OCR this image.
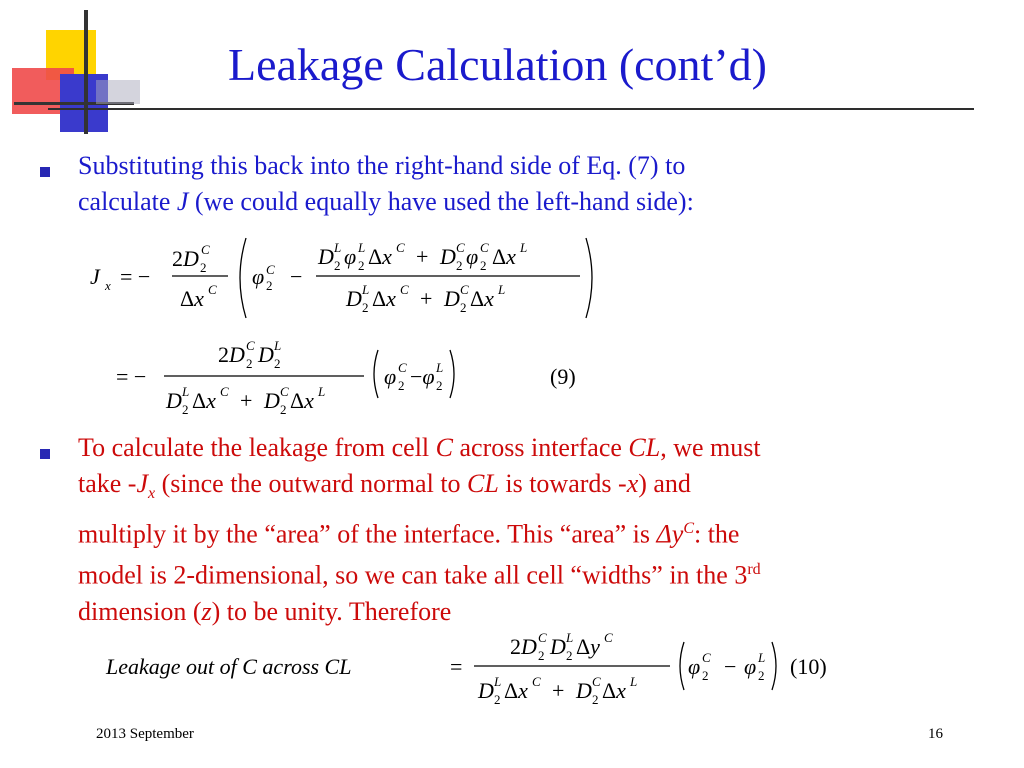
Leakage Calculation (cont’d)
Substituting this back into the right-hand side of Eq. (7) to
calculate J (we could equally have used the left-hand side):
J x = −
2D 2
C
Δx C
φ 2
C −
D 2
L φ 2
L Δx C + D 2
C φ 2
C Δx L
D 2
L Δx C + D 2
C Δx L
= −
2D 2
C D 2
L
D 2
L Δx C + D 2
C Δx L
φ 2
C −φ 2
L	(9)
To calculate the leakage from cell C across interface CL, we must
take $-J_x$ (since the outward normal to CL is towards -x) and
multiply it by the “area” of the interface. This “area” is $\Delta y^C$: the
model is 2-dimensional, so we can take all cell “widths” in the 3rd
dimension (z) to be unity. Therefore
Leakage out of C across CL	=
2D 2
C D 2
L Δy C
D 2
L Δx C + D 2
C Δx L
φ 2
C − φ 2
L (10)
2013 September	16
